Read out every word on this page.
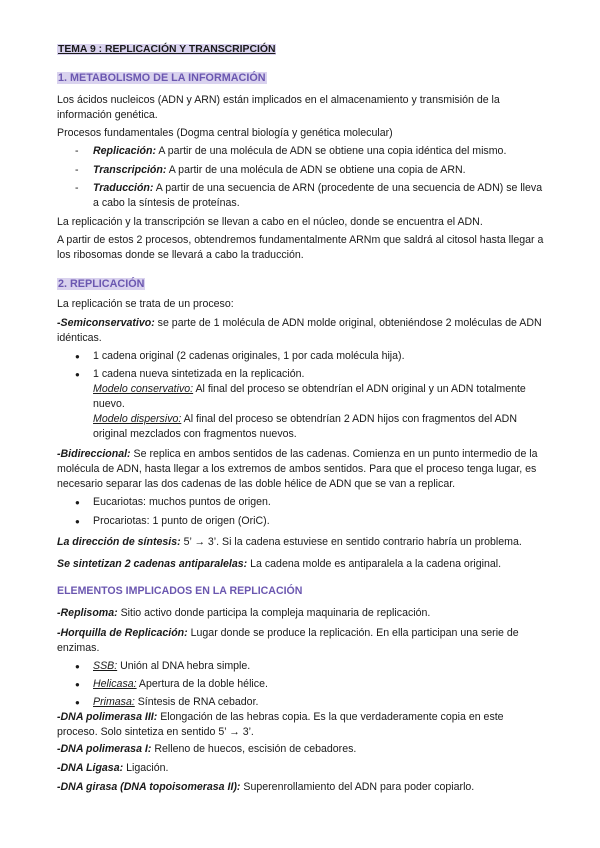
TEMA 9 : REPLICACIÓN Y TRANSCRIPCIÓN

1. METABOLISMO DE LA INFORMACIÓN

Los ácidos nucleicos (ADN y ARN) están implicados en el almacenamiento y transmisión de la información genética.

Procesos fundamentales (Dogma central biología y genética molecular)

- Replicación: A partir de una molécula de ADN se obtiene una copia idéntica del mismo.
- Transcripción: A partir de una molécula de ADN se obtiene una copia de ARN.
- Traducción: A partir de una secuencia de ARN (procedente de una secuencia de ADN) se lleva a cabo la síntesis de proteínas.

La replicación y la transcripción se llevan a cabo en el núcleo, donde se encuentra el ADN.

A partir de estos 2 procesos, obtendremos fundamentalmente ARNm que saldrá al citosol hasta llegar a los ribosomas donde se llevará a cabo la traducción.

2. REPLICACIÓN

La replicación se trata de un proceso:

-Semiconservativo: se parte de 1 molécula de ADN molde original, obteniéndose 2 moléculas de ADN idénticas.

● 1 cadena original (2 cadenas originales, 1 por cada molécula hija).
● 1 cadena nueva sintetizada en la replicación.
Modelo conservativo: Al final del proceso se obtendrían el ADN original y un ADN totalmente nuevo.
Modelo dispersivo: Al final del proceso se obtendrían 2 ADN hijos con fragmentos del ADN original mezclados con fragmentos nuevos.

-Bidireccional: Se replica en ambos sentidos de las cadenas. Comienza en un punto intermedio de la molécula de ADN, hasta llegar a los extremos de ambos sentidos. Para que el proceso tenga lugar, es necesario separar las dos cadenas de las doble hélice de ADN que se van a replicar.

● Eucariotas: muchos puntos de origen.
● Procariotas: 1 punto de origen (OriC).

La dirección de síntesis: 5’ → 3’. Si la cadena estuviese en sentido contrario habría un problema.

Se sintetizan 2 cadenas antiparalelas: La cadena molde es antiparalela a la cadena original.

ELEMENTOS IMPLICADOS EN LA REPLICACIÓN

-Replisoma: Sitio activo donde participa la compleja maquinaria de replicación.

-Horquilla de Replicación: Lugar donde se produce la replicación. En ella participan una serie de enzimas.

● SSB: Unión al DNA hebra simple.
● Helicasa: Apertura de la doble hélice.
● Primasa: Síntesis de RNA cebador.

-DNA polimerasa III: Elongación de las hebras copia. Es la que verdaderamente copia en este proceso. Solo sintetiza en sentido 5’ → 3’.

-DNA polimerasa I: Relleno de huecos, escisión de cebadores.

-DNA Ligasa: Ligación.

-DNA girasa (DNA topoisomerasa II): Superenrollamiento del ADN para poder copiarlo.
